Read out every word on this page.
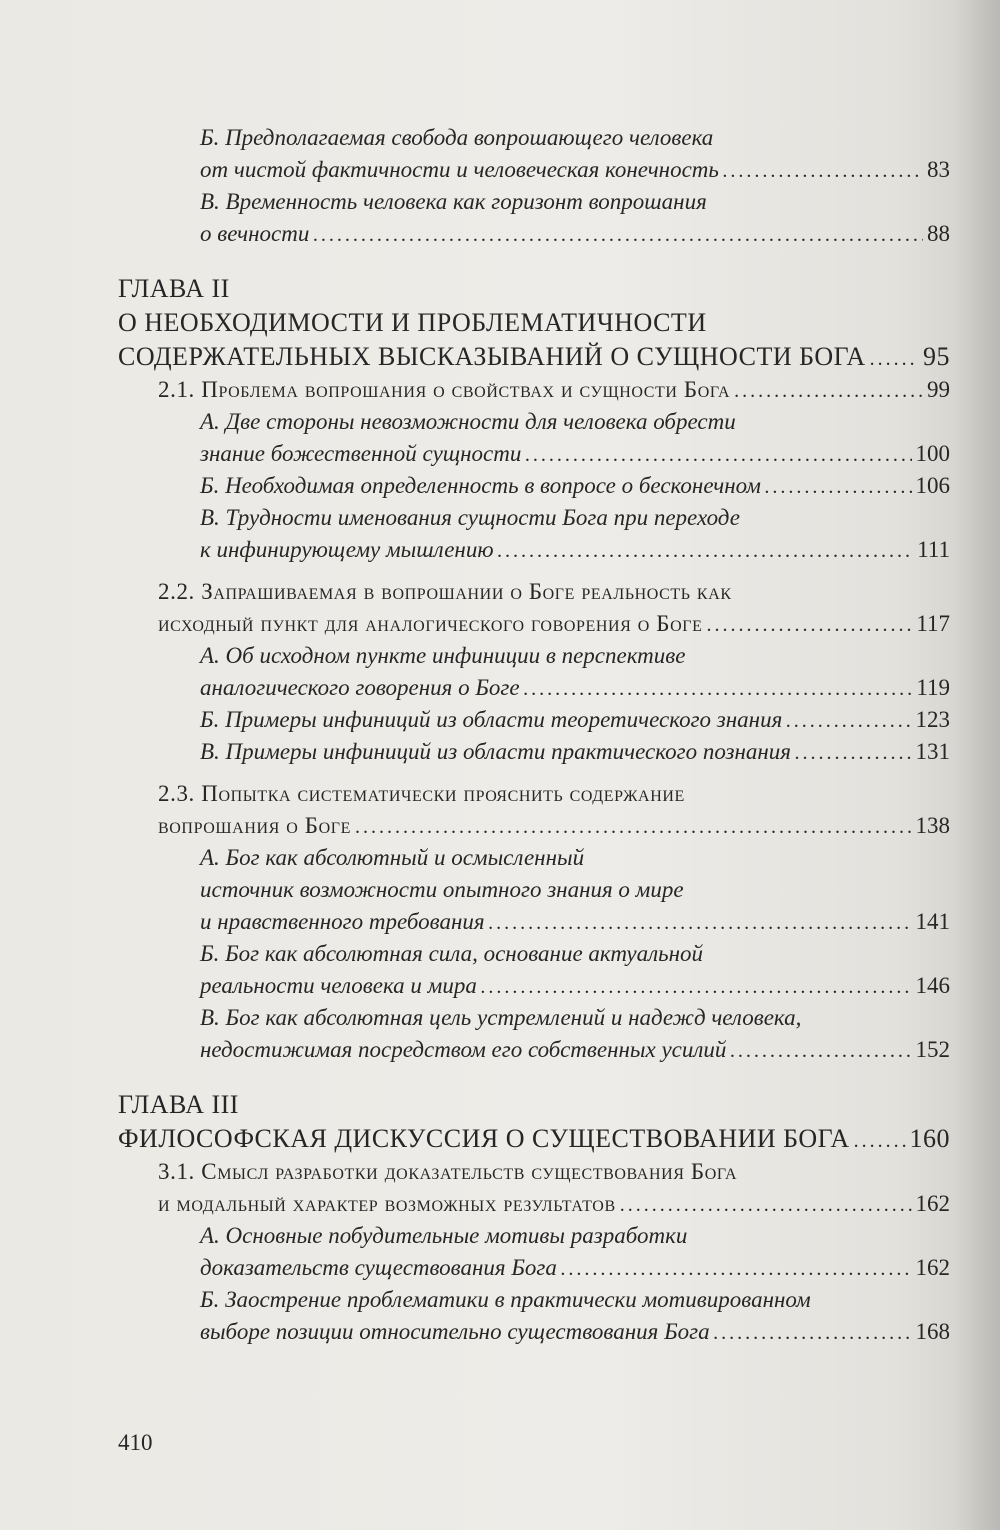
Б. Предполагаемая свобода вопрошающего человека
от чистой фактичности и человеческая конечность . . .	83
В. Временность человека как горизонт вопрошания
о вечности . . .	88
ГЛАВА II
О НЕОБХОДИМОСТИ И ПРОБЛЕМАТИЧНОСТИ
СОДЕРЖАТЕЛЬНЫХ ВЫСКАЗЫВАНИЙ О СУЩНОСТИ БОГА . . . 95
2.1. Проблема вопрошания о свойствах и сущности Бога . . .	99
А. Две стороны невозможности для человека обрести
знание божественной сущности . . .	100
Б. Необходимая определенность в вопросе о бесконечном . . .	106
В. Трудности именования сущности Бога при переходе
к инфинирующему мышлению . . .	111
2.2. Запрашиваемая в вопрошании о Боге реальность как
исходный пункт для аналогического говорения о Боге . . .	117
А. Об исходном пункте инфиниции в перспективе
аналогического говорения о Боге . . .	119
Б. Примеры инфиниций из области теоретического знания . . .	123
В. Примеры инфиниций из области практического познания . . .	131
2.3. Попытка систематически прояснить содержание
вопрошания о Боге . . .	138
А. Бог как абсолютный и осмысленный
источник возможности опытного знания о мире
и нравственного требования . . .	141
Б. Бог как абсолютная сила, основание актуальной
реальности человека и мира . . .	146
В. Бог как абсолютная цель устремлений и надежд человека,
недостижимая посредством его собственных усилий . . .	152
ГЛАВА III
ФИЛОСОФСКАЯ ДИСКУССИЯ О СУЩЕСТВОВАНИИ БОГА . . . 160
3.1. Смысл разработки доказательств существования Бога
и модальный характер возможных результатов . . .	162
А. Основные побудительные мотивы разработки
доказательств существования Бога . . .	162
Б. Заострение проблематики в практически мотивированном
выборе позиции относительно существования Бога . . .	168
410
